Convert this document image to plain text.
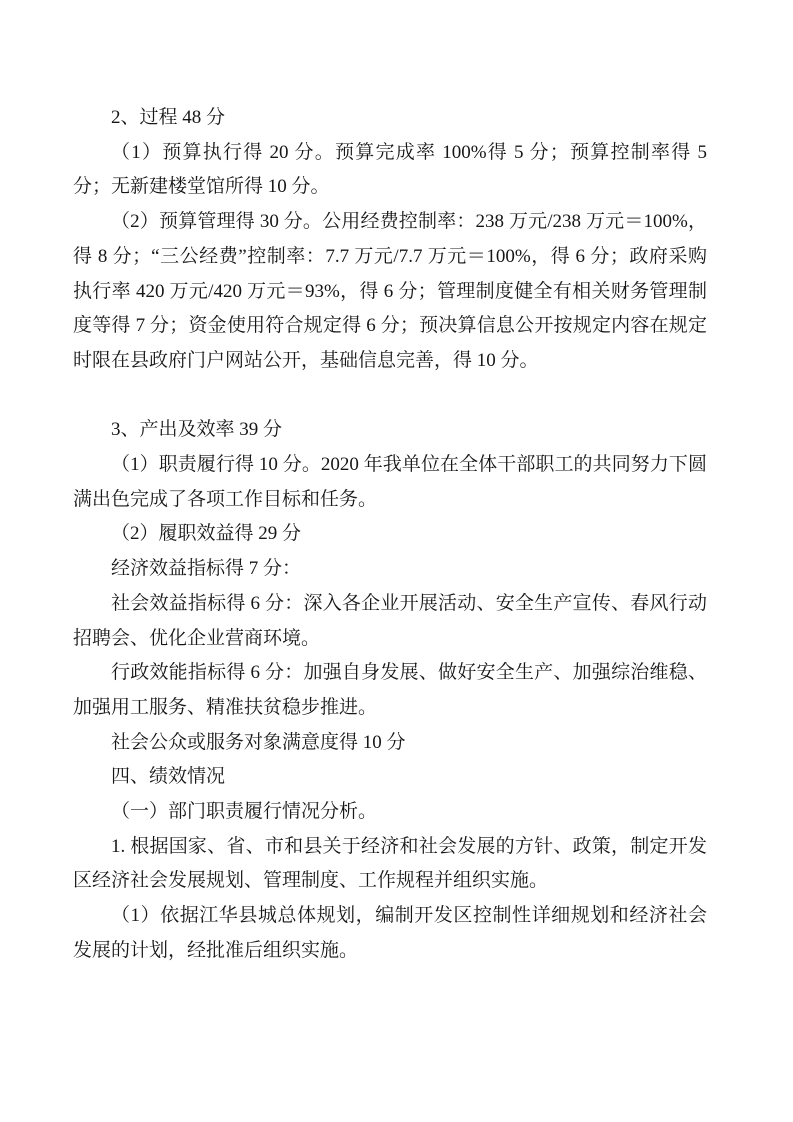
2、过程 48 分

（1）预算执行得 20 分。预算完成率 100%得 5 分；预算控制率得 5 分；无新建楼堂馆所得 10 分。

（2）预算管理得 30 分。公用经费控制率：238 万元/238 万元＝100%，得 8 分；“三公经费”控制率：7.7 万元/7.7 万元＝100%，得 6 分；政府采购执行率 420 万元/420 万元＝93%，得 6 分；管理制度健全有相关财务管理制度等得 7 分；资金使用符合规定得 6 分；预决算信息公开按规定内容在规定时限在县政府门户网站公开，基础信息完善，得 10 分。

3、产出及效率 39 分

（1）职责履行得 10 分。2020 年我单位在全体干部职工的共同努力下圆满出色完成了各项工作目标和任务。

（2）履职效益得 29 分

经济效益指标得 7 分：

社会效益指标得 6 分：深入各企业开展活动、安全生产宣传、春风行动招聘会、优化企业营商环境。

行政效能指标得 6 分：加强自身发展、做好安全生产、加强综治维稳、加强用工服务、精准扶贫稳步推进。

社会公众或服务对象满意度得 10 分

四、绩效情况

（一）部门职责履行情况分析。

1. 根据国家、省、市和县关于经济和社会发展的方针、政策，制定开发区经济社会发展规划、管理制度、工作规程并组织实施。

（1）依据江华县城总体规划，编制开发区控制性详细规划和经济社会发展的计划，经批准后组织实施。
